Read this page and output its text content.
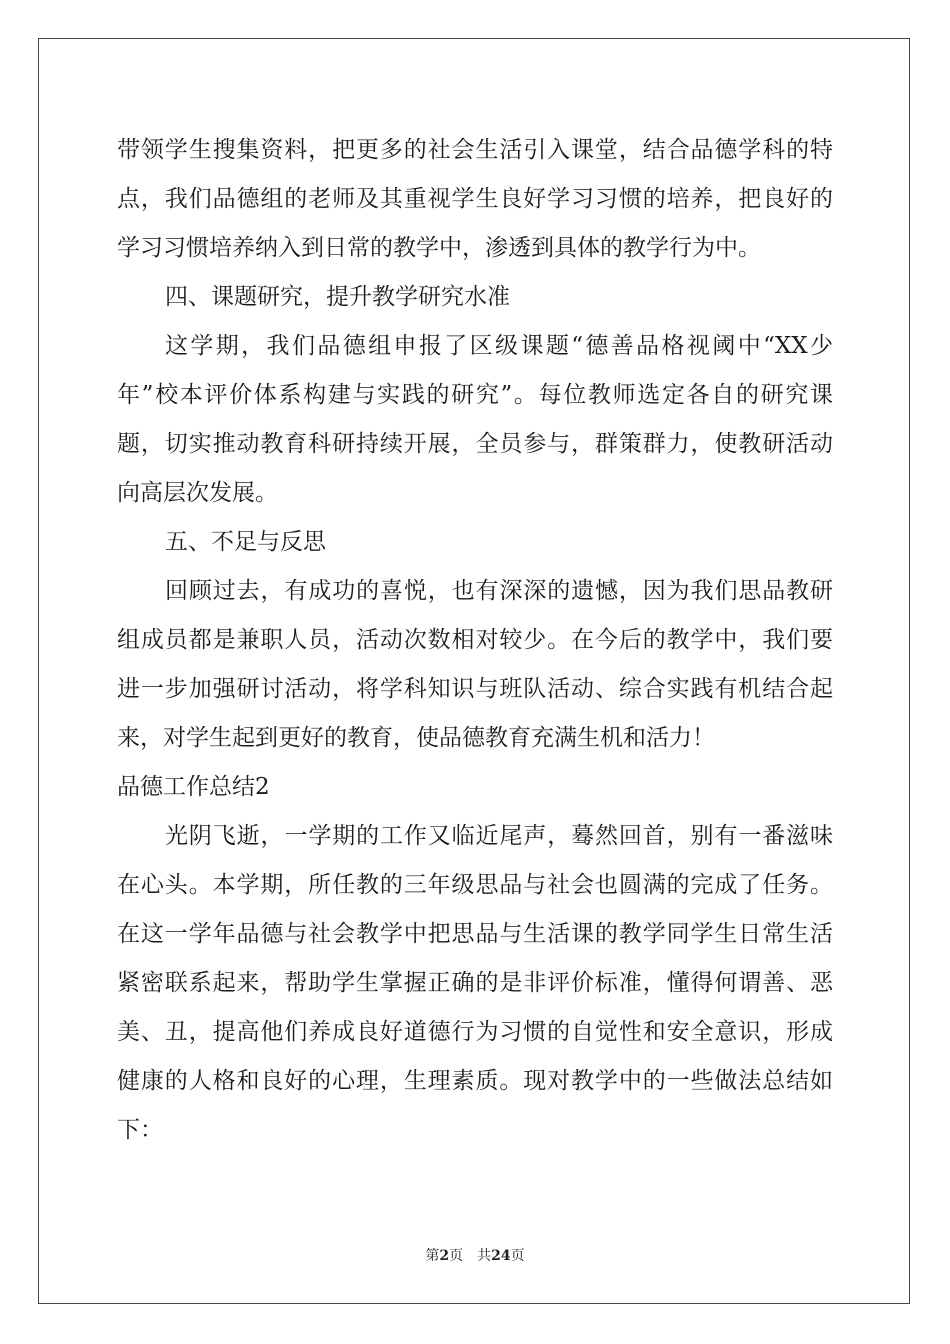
带领学生搜集资料，把更多的社会生活引入课堂，结合品德学科的特
点，我们品德组的老师及其重视学生良好学习习惯的培养，把良好的
学习习惯培养纳入到日常的教学中，渗透到具体的教学行为中。
四、课题研究，提升教学研究水准
这学期，我们品德组申报了区级课题“德善品格视阈中“XX少
年”校本评价体系构建与实践的研究”。每位教师选定各自的研究课
题，切实推动教育科研持续开展，全员参与，群策群力，使教研活动
向高层次发展。
五、不足与反思
回顾过去，有成功的喜悦，也有深深的遗憾，因为我们思品教研
组成员都是兼职人员，活动次数相对较少。在今后的教学中，我们要
进一步加强研讨活动，将学科知识与班队活动、综合实践有机结合起
来，对学生起到更好的教育，使品德教育充满生机和活力！
品德工作总结2
光阴飞逝，一学期的工作又临近尾声，蓦然回首，别有一番滋味
在心头。本学期，所任教的三年级思品与社会也圆满的完成了任务。
在这一学年品德与社会教学中把思品与生活课的教学同学生日常生活
紧密联系起来，帮助学生掌握正确的是非评价标准，懂得何谓善、恶
美、丑，提高他们养成良好道德行为习惯的自觉性和安全意识，形成
健康的人格和良好的心理，生理素质。现对教学中的一些做法总结如
下：
第2页 共24页
